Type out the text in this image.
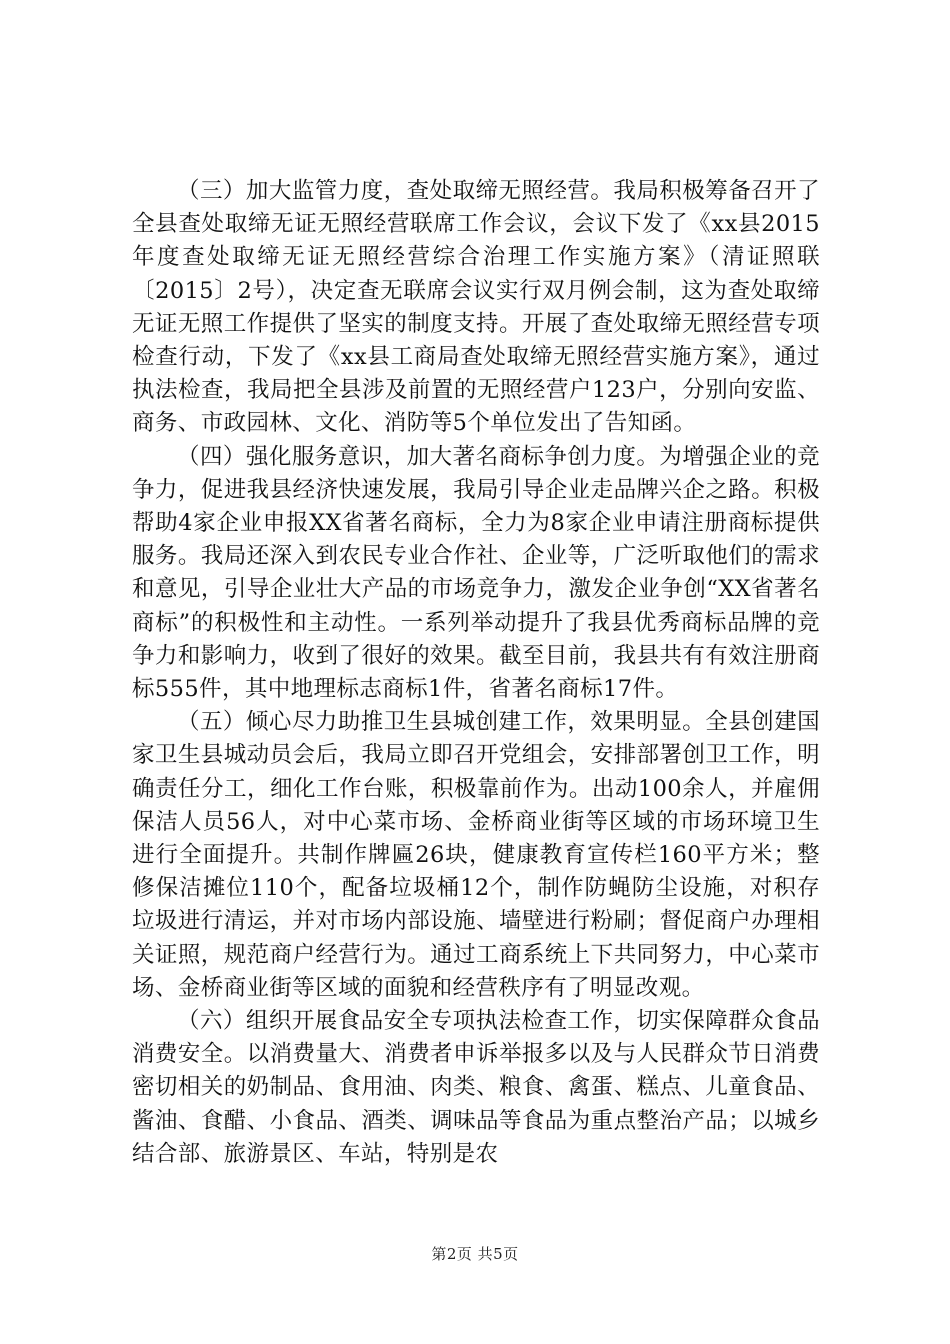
（三）加大监管力度，查处取缔无照经营。我局积极筹备召开了全县查处取缔无证无照经营联席工作会议，会议下发了《xx县2015年度查处取缔无证无照经营综合治理工作实施方案》（清证照联〔2015〕2号），决定查无联席会议实行双月例会制，这为查处取缔无证无照工作提供了坚实的制度支持。开展了查处取缔无照经营专项检查行动，下发了《xx县工商局查处取缔无照经营实施方案》，通过执法检查，我局把全县涉及前置的无照经营户123户，分别向安监、商务、市政园林、文化、消防等5个单位发出了告知函。

（四）强化服务意识，加大著名商标争创力度。为增强企业的竞争力，促进我县经济快速发展，我局引导企业走品牌兴企之路。积极帮助4家企业申报XX省著名商标，全力为8家企业申请注册商标提供服务。我局还深入到农民专业合作社、企业等，广泛听取他们的需求和意见，引导企业壮大产品的市场竞争力，激发企业争创“XX省著名商标”的积极性和主动性。一系列举动提升了我县优秀商标品牌的竞争力和影响力，收到了很好的效果。截至目前，我县共有有效注册商标555件，其中地理标志商标1件，省著名商标17件。

（五）倾心尽力助推卫生县城创建工作，效果明显。全县创建国家卫生县城动员会后，我局立即召开党组会，安排部署创卫工作，明确责任分工，细化工作台账，积极靠前作为。出动100余人，并雇佣保洁人员56人，对中心菜市场、金桥商业街等区域的市场环境卫生进行全面提升。共制作牌匾26块，健康教育宣传栏160平方米；整修保洁摊位110个，配备垃圾桶12个，制作防蝇防尘设施，对积存垃圾进行清运，并对市场内部设施、墙壁进行粉刷；督促商户办理相关证照，规范商户经营行为。通过工商系统上下共同努力，中心菜市场、金桥商业街等区域的面貌和经营秩序有了明显改观。

（六）组织开展食品安全专项执法检查工作，切实保障群众食品消费安全。以消费量大、消费者申诉举报多以及与人民群众节日消费密切相关的奶制品、食用油、肉类、粮食、禽蛋、糕点、儿童食品、酱油、食醋、小食品、酒类、调味品等食品为重点整治产品；以城乡结合部、旅游景区、车站，特别是农

第2页 共5页
